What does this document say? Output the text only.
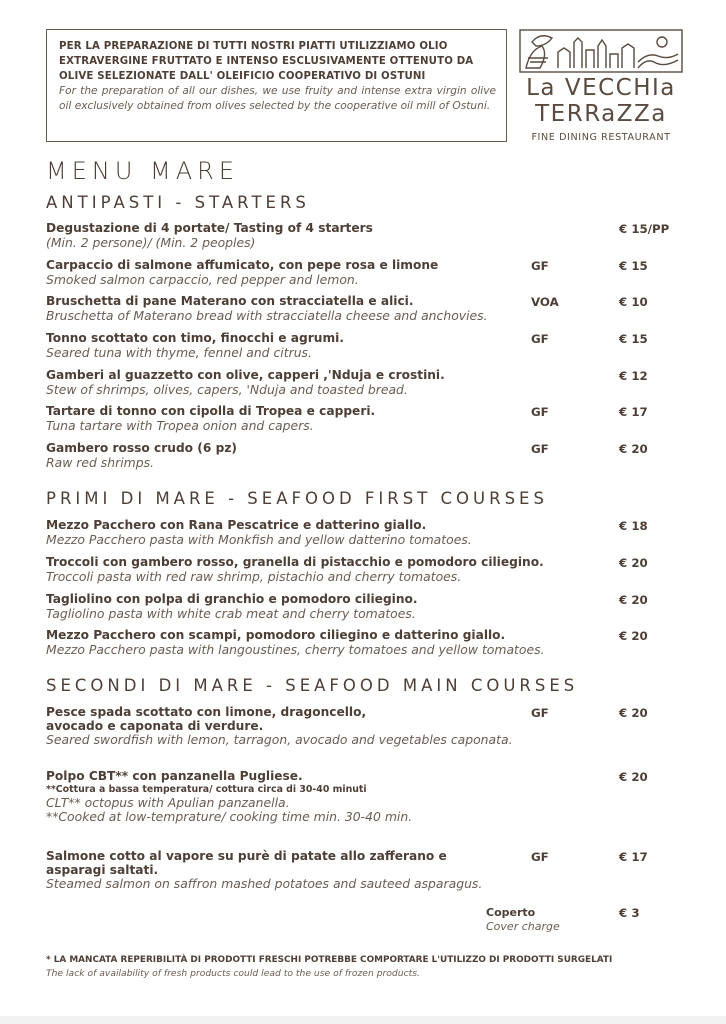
PER LA PREPARAZIONE DI TUTTI NOSTRI PIATTI UTILIZZIAMO OLIO EXTRAVERGINE FRUTTATO E INTENSO ESCLUSIVAMENTE OTTENUTO DA OLIVE SELEZIONATE DALL' OLEIFICIO COOPERATIVO DI OSTUNI
For the preparation of all our dishes, we use fruity and intense extra virgin olive oil exclusively obtained from olives selected by the cooperative oil mill of Ostuni.
La VECCHIa
TERRaZZa
FINE DINING RESTAURANT
MENU MARE
ANTIPASTI - STARTERS
Degustazione di 4 portate/ Tasting of 4 starters
(Min. 2 persone)/ (Min. 2 peoples)
€ 15/PP
Carpaccio di salmone affumicato, con pepe rosa e limone
Smoked salmon carpaccio, red pepper and lemon.
GF	€ 15
Bruschetta di pane Materano con stracciatella e alici.
Bruschetta of Materano bread with stracciatella cheese and anchovies.
VOA	€ 10
Tonno scottato con timo, finocchi e agrumi.
Seared tuna with thyme, fennel and citrus.
GF	€ 15
Gamberi al guazzetto con olive, capperi ,'Nduja e crostini.
Stew of shrimps, olives, capers, 'Nduja and toasted bread.
€ 12
Tartare di tonno con cipolla di Tropea e capperi.
Tuna tartare with Tropea onion and capers.
GF	€ 17
Gambero rosso crudo (6 pz)
Raw red shrimps.
GF	€ 20
PRIMI DI MARE - SEAFOOD FIRST COURSES
Mezzo Pacchero con Rana Pescatrice e datterino giallo.
Mezzo Pacchero pasta with Monkfish and yellow datterino tomatoes.
€ 18
Troccoli con gambero rosso, granella di pistacchio e pomodoro ciliegino.
Troccoli pasta with red raw shrimp, pistachio and cherry tomatoes.
€ 20
Tagliolino con polpa di granchio e pomodoro ciliegino.
Tagliolino pasta with white crab meat and cherry tomatoes.
€ 20
Mezzo Pacchero con scampi, pomodoro ciliegino e datterino giallo.
Mezzo Pacchero pasta with langoustines, cherry tomatoes and yellow tomatoes.
€ 20
SECONDI DI MARE - SEAFOOD MAIN COURSES
Pesce spada scottato con limone, dragoncello,
avocado e caponata di verdure.
Seared swordfish with lemon, tarragon, avocado and vegetables caponata.
GF	€ 20
Polpo CBT** con panzanella Pugliese.
**Cottura a bassa temperatura/ cottura circa di 30-40 minuti
CLT** octopus with Apulian panzanella.
**Cooked at low-temprature/ cooking time min. 30-40 min.
€ 20
Salmone cotto al vapore su purè di patate allo zafferano e
asparagi saltati.
Steamed salmon on saffron mashed potatoes and sauteed asparagus.
GF	€ 17
Coperto
Cover charge
€ 3
* LA MANCATA REPERIBILITÀ DI PRODOTTI FRESCHI POTREBBE COMPORTARE L'UTILIZZO DI PRODOTTI SURGELATI
The lack of availability of fresh products could lead to the use of frozen products.
